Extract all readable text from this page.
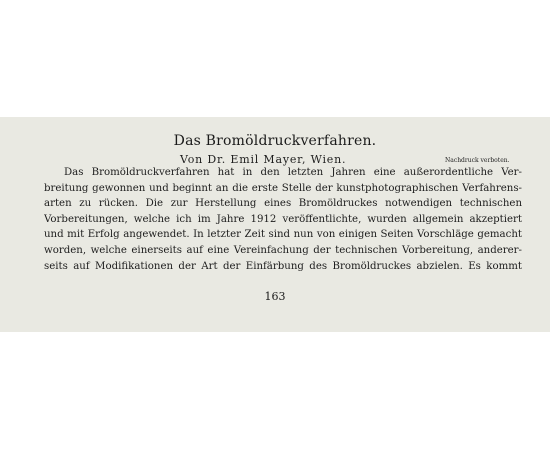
Das Bromöldruckverfahren.
Von Dr. Emil Mayer, Wien.	Nachdruck verboten.
Das Bromöldruckverfahren hat in den letzten Jahren eine außerordentliche Ver-
breitung gewonnen und beginnt an die erste Stelle der kunstphotographischen Verfahrens-
arten zu rücken. Die zur Herstellung eines Bromöldruckes notwendigen technischen
Vorbereitungen, welche ich im Jahre 1912 veröffentlichte, wurden allgemein akzeptiert
und mit Erfolg angewendet. In letzter Zeit sind nun von einigen Seiten Vorschläge gemacht
worden, welche einerseits auf eine Vereinfachung der technischen Vorbereitung, anderer-
seits auf Modifikationen der Art der Einfärbung des Bromöldruckes abzielen. Es kommt
163
